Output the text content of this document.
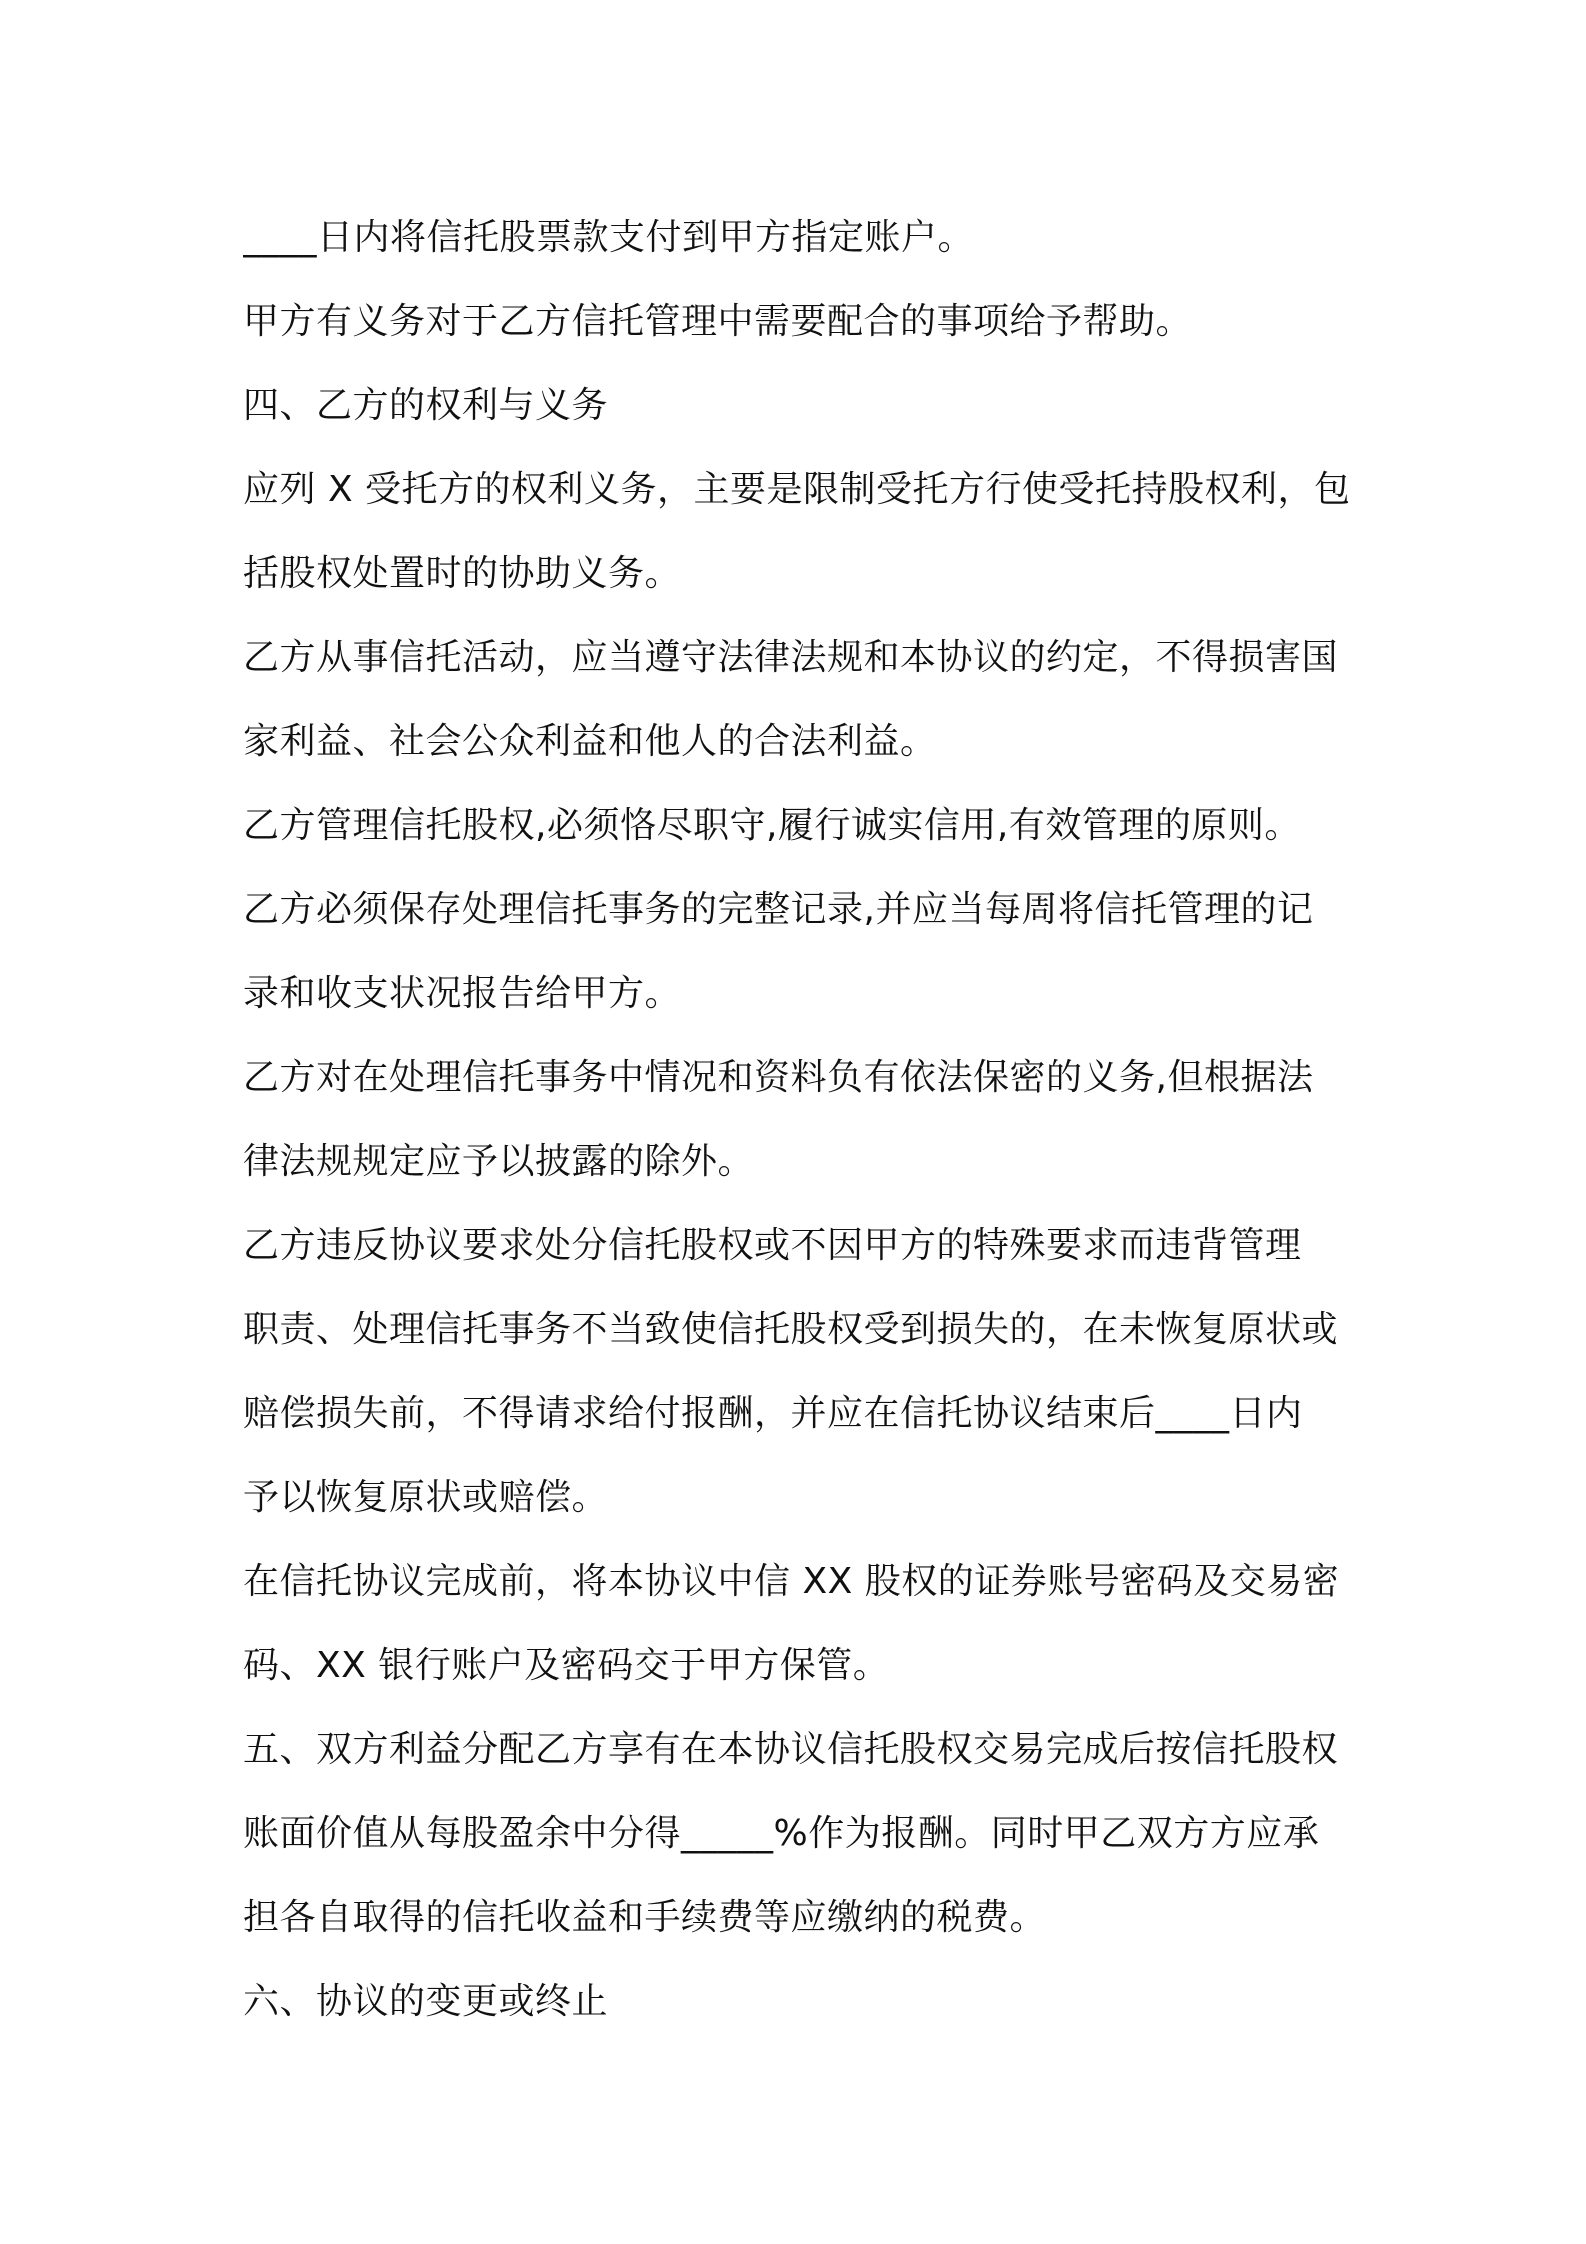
____日内将信托股票款支付到甲方指定账户。
甲方有义务对于乙方信托管理中需要配合的事项给予帮助。
四、乙方的权利与义务
应列 X 受托方的权利义务，主要是限制受托方行使受托持股权利，包
括股权处置时的协助义务。
乙方从事信托活动，应当遵守法律法规和本协议的约定，不得损害国
家利益、社会公众利益和他人的合法利益。
乙方管理信托股权,必须恪尽职守,履行诚实信用,有效管理的原则。
乙方必须保存处理信托事务的完整记录,并应当每周将信托管理的记
录和收支状况报告给甲方。
乙方对在处理信托事务中情况和资料负有依法保密的义务,但根据法
律法规规定应予以披露的除外。
乙方违反协议要求处分信托股权或不因甲方的特殊要求而违背管理
职责、处理信托事务不当致使信托股权受到损失的，在未恢复原状或
赔偿损失前，不得请求给付报酬，并应在信托协议结束后____日内
予以恢复原状或赔偿。
在信托协议完成前，将本协议中信 XX 股权的证券账号密码及交易密
码、XX 银行账户及密码交于甲方保管。
五、双方利益分配乙方享有在本协议信托股权交易完成后按信托股权
账面价值从每股盈余中分得_____%作为报酬。同时甲乙双方方应承
担各自取得的信托收益和手续费等应缴纳的税费。
六、协议的变更或终止
